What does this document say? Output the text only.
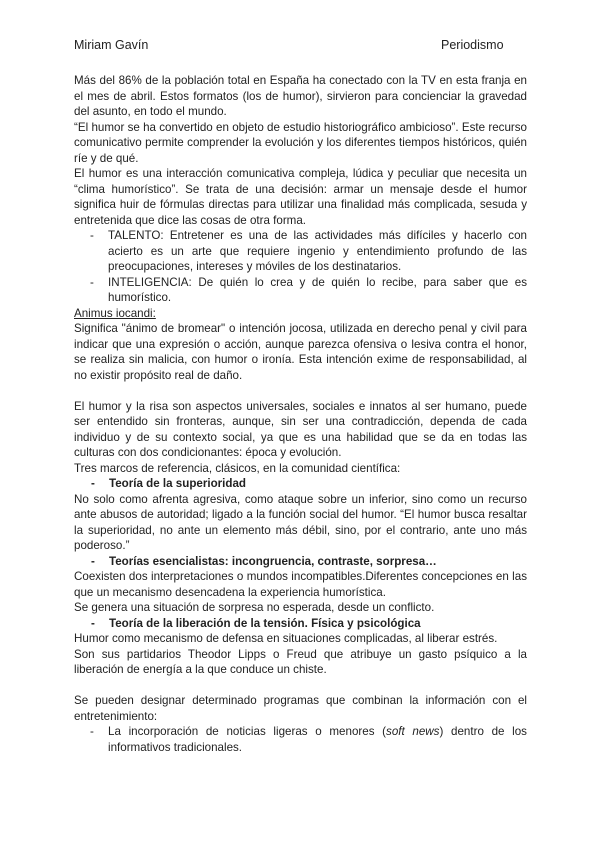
Miriam Gavín	Periodismo

Más del 86% de la población total en España ha conectado con la TV en esta franja en el mes de abril. Estos formatos (los de humor), sirvieron para concienciar la gravedad del asunto, en todo el mundo.

“El humor se ha convertido en objeto de estudio historiográfico ambicioso”. Este recurso comunicativo permite comprender la evolución y los diferentes tiempos históricos, quién ríe y de qué.

El humor es una interacción comunicativa compleja, lúdica y peculiar que necesita un “clima humorístico”. Se trata de una decisión: armar un mensaje desde el humor significa huir de fórmulas directas para utilizar una finalidad más complicada, sesuda y entretenida que dice las cosas de otra forma.

-	TALENTO: Entretener es una de las actividades más difíciles y hacerlo con acierto es un arte que requiere ingenio y entendimiento profundo de las preocupaciones, intereses y móviles de los destinatarios.
-	INTELIGENCIA: De quién lo crea y de quién lo recibe, para saber que es humorístico.

Animus iocandi:

Significa "ánimo de bromear" o intención jocosa, utilizada en derecho penal y civil para indicar que una expresión o acción, aunque parezca ofensiva o lesiva contra el honor, se realiza sin malicia, con humor o ironía. Esta intención exime de responsabilidad, al no existir propósito real de daño.

El humor y la risa son aspectos universales, sociales e innatos al ser humano, puede ser entendido sin fronteras, aunque, sin ser una contradicción, dependa de cada individuo y de su contexto social, ya que es una habilidad que se da en todas las culturas con dos condicionantes: época y evolución.

Tres marcos de referencia, clásicos, en la comunidad científica:

-	Teoría de la superioridad

No solo como afrenta agresiva, como ataque sobre un inferior, sino como un recurso ante abusos de autoridad; ligado a la función social del humor. “El humor busca resaltar la superioridad, no ante un elemento más débil, sino, por el contrario, ante uno más poderoso.”

-	Teorías esencialistas: incongruencia, contraste, sorpresa…

Coexisten dos interpretaciones o mundos incompatibles.Diferentes concepciones en las que un mecanismo desencadena la experiencia humorística.

Se genera una situación de sorpresa no esperada, desde un conflicto.

-	Teoría de la liberación de la tensión. Física y psicológica

Humor como mecanismo de defensa en situaciones complicadas, al liberar estrés.

Son sus partidarios Theodor Lipps o Freud que atribuye un gasto psíquico a la liberación de energía a la que conduce un chiste.

Se pueden designar determinado programas que combinan la información con el entretenimiento:

-	La incorporación de noticias ligeras o menores (soft news) dentro de los informativos tradicionales.
